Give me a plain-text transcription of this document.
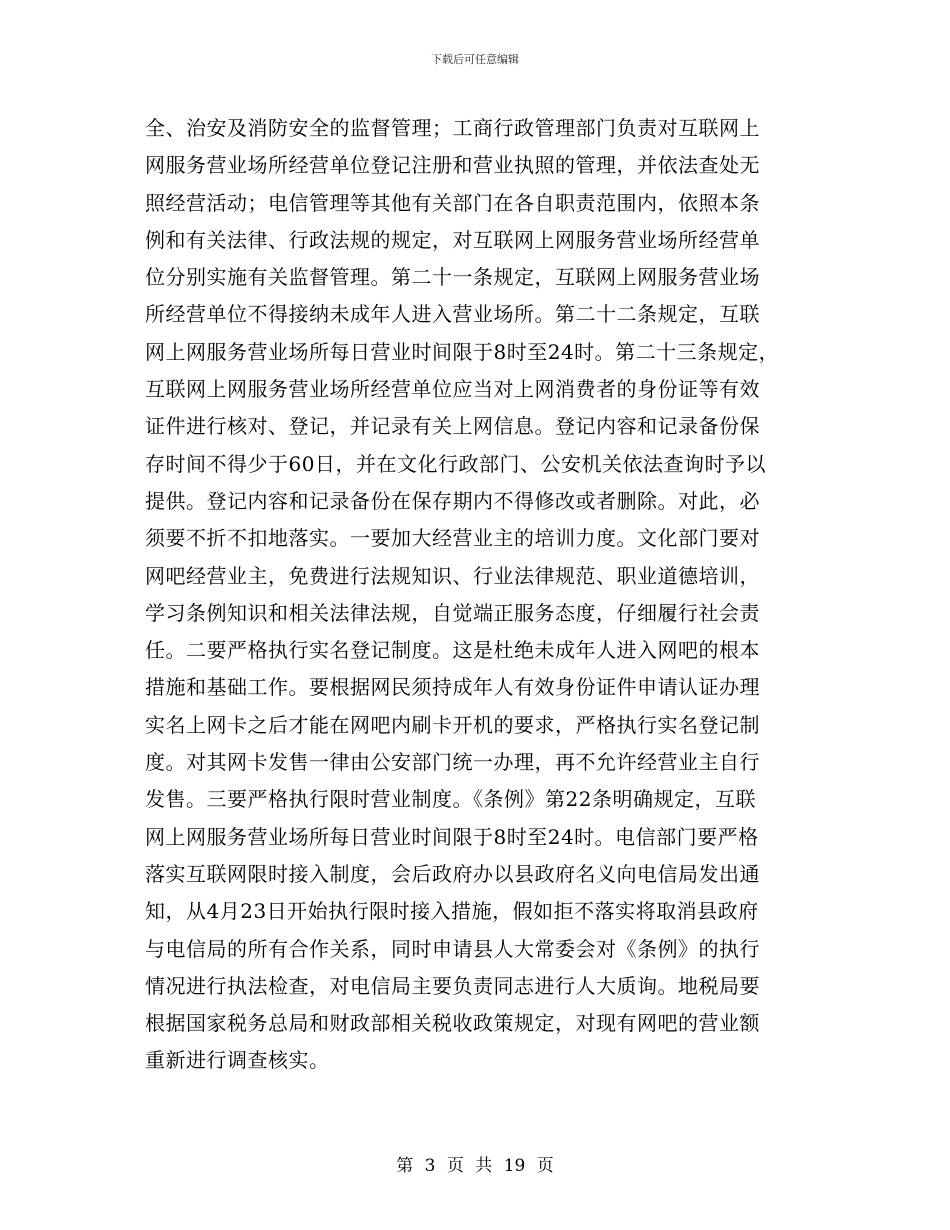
下载后可任意编辑
全、治安及消防安全的监督管理；工商行政管理部门负责对互联网上
网服务营业场所经营单位登记注册和营业执照的管理，并依法查处无
照经营活动；电信管理等其他有关部门在各自职责范围内，依照本条
例和有关法律、行政法规的规定，对互联网上网服务营业场所经营单
位分别实施有关监督管理。第二十一条规定，互联网上网服务营业场
所经营单位不得接纳未成年人进入营业场所。第二十二条规定，互联
网上网服务营业场所每日营业时间限于8时至24时。第二十三条规定，
互联网上网服务营业场所经营单位应当对上网消费者的身份证等有效
证件进行核对、登记，并记录有关上网信息。登记内容和记录备份保
存时间不得少于60日，并在文化行政部门、公安机关依法查询时予以
提供。登记内容和记录备份在保存期内不得修改或者删除。对此，必
须要不折不扣地落实。一要加大经营业主的培训力度。文化部门要对
网吧经营业主，免费进行法规知识、行业法律规范、职业道德培训，
学习条例知识和相关法律法规，自觉端正服务态度，仔细履行社会责
任。二要严格执行实名登记制度。这是杜绝未成年人进入网吧的根本
措施和基础工作。要根据网民须持成年人有效身份证件申请认证办理
实名上网卡之后才能在网吧内刷卡开机的要求，严格执行实名登记制
度。对其网卡发售一律由公安部门统一办理，再不允许经营业主自行
发售。三要严格执行限时营业制度。《条例》第22条明确规定，互联
网上网服务营业场所每日营业时间限于8时至24时。电信部门要严格
落实互联网限时接入制度，会后政府办以县政府名义向电信局发出通
知，从4月23日开始执行限时接入措施，假如拒不落实将取消县政府
与电信局的所有合作关系，同时申请县人大常委会对《条例》的执行
情况进行执法检查，对电信局主要负责同志进行人大质询。地税局要
根据国家税务总局和财政部相关税收政策规定，对现有网吧的营业额
重新进行调查核实。
第 3 页 共 19 页
